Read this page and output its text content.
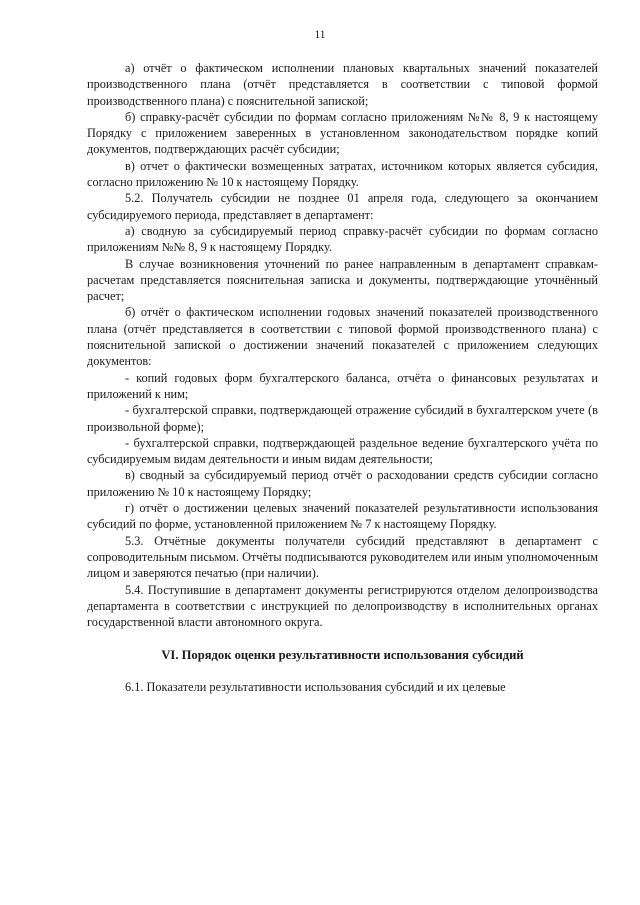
11

а) отчёт о фактическом исполнении плановых квартальных значений показателей производственного плана (отчёт представляется в соответствии с типовой формой производственного плана) с пояснительной запиской;

б) справку-расчёт субсидии по формам согласно приложениям №№ 8, 9 к настоящему Порядку с приложением заверенных в установленном законодательством порядке копий документов, подтверждающих расчёт субсидии;

в) отчет о фактически возмещенных затратах, источником которых является субсидия, согласно приложению № 10 к настоящему Порядку.

5.2. Получатель субсидии не позднее 01 апреля года, следующего за окончанием субсидируемого периода, представляет в департамент:

а) сводную за субсидируемый период справку-расчёт субсидии по формам согласно приложениям №№ 8, 9 к настоящему Порядку.

В случае возникновения уточнений по ранее направленным в департамент справкам-расчетам представляется пояснительная записка и документы, подтверждающие уточнённый расчет;

б) отчёт о фактическом исполнении годовых значений показателей производственного плана (отчёт представляется в соответствии с типовой формой производственного плана) с пояснительной запиской о достижении значений показателей с приложением следующих документов:

- копий годовых форм бухгалтерского баланса, отчёта о финансовых результатах и приложений к ним;

- бухгалтерской справки, подтверждающей отражение субсидий в бухгалтерском учете (в произвольной форме);

- бухгалтерской справки, подтверждающей раздельное ведение бухгалтерского учёта по субсидируемым видам деятельности и иным видам деятельности;

в) сводный за субсидируемый период отчёт о расходовании средств субсидии согласно приложению № 10 к настоящему Порядку;

г) отчёт о достижении целевых значений показателей результативности использования субсидий по форме, установленной приложением № 7 к настоящему Порядку.

5.3. Отчётные документы получатели субсидий представляют в департамент с сопроводительным письмом. Отчёты подписываются руководителем или иным уполномоченным лицом и заверяются печатью (при наличии).

5.4. Поступившие в департамент документы регистрируются отделом делопроизводства департамента в соответствии с инструкцией по делопроизводству в исполнительных органах государственной власти автономного округа.

VI. Порядок оценки результативности использования субсидий

6.1. Показатели результативности использования субсидий и их целевые
